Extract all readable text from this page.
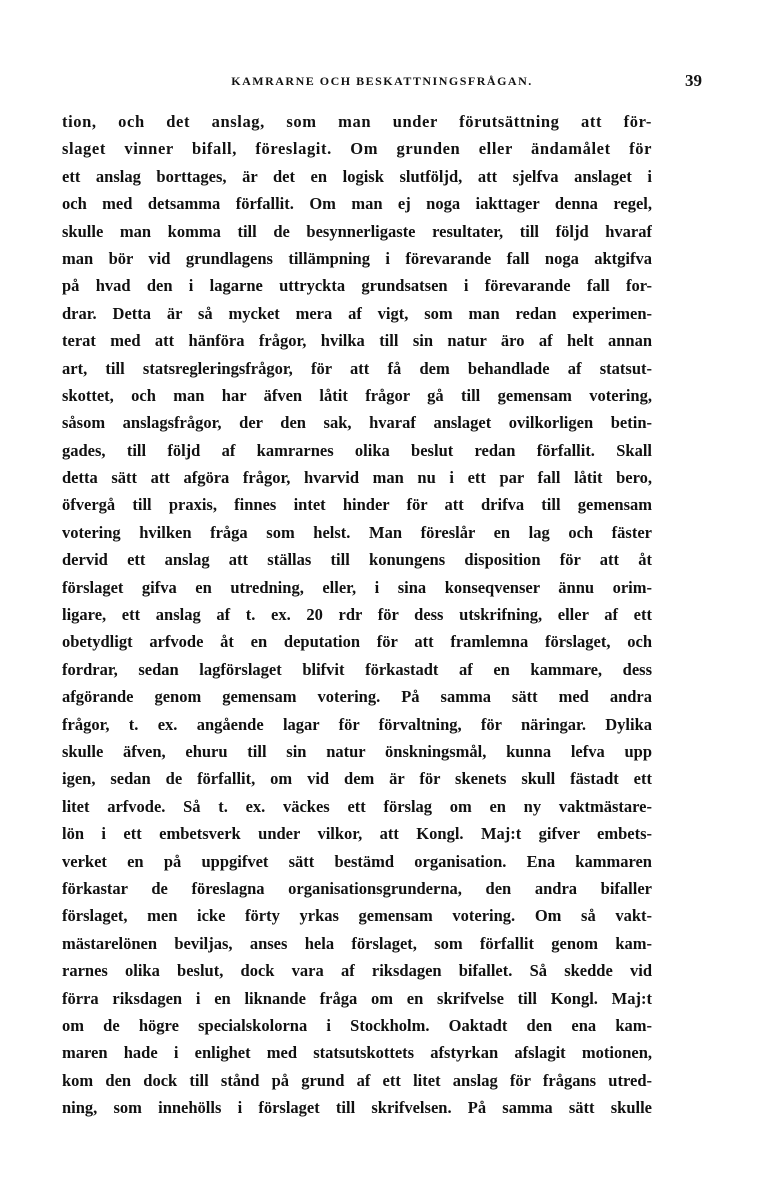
KAMRARNE OCH BESKATTNINGSFRÅGAN.	39
tion, och det anslag, som man under förutsättning att för-
slaget vinner bifall, föreslagit. Om grunden eller ändamålet för
ett anslag borttages, är det en logisk slutföljd, att sjelfva anslaget i
och med detsamma förfallit. Om man ej noga iakttager denna regel,
skulle man komma till de besynnerligaste resultater, till följd hvaraf
man bör vid grundlagens tillämpning i förevarande fall noga aktgifva
på hvad den i lagarne uttryckta grundsatsen i förevarande fall for-
drar. Detta är så mycket mera af vigt, som man redan experimen-
terat med att hänföra frågor, hvilka till sin natur äro af helt annan
art, till statsregleringsfrågor, för att få dem behandlade af statsut-
skottet, och man har äfven låtit frågor gå till gemensam votering,
såsom anslagsfrågor, der den sak, hvaraf anslaget ovilkorligen betin-
gades, till följd af kamrarnes olika beslut redan förfallit. Skall
detta sätt att afgöra frågor, hvarvid man nu i ett par fall låtit bero,
öfvergå till praxis, finnes intet hinder för att drifva till gemensam
votering hvilken fråga som helst. Man föreslår en lag och fäster
dervid ett anslag att ställas till konungens disposition för att åt
förslaget gifva en utredning, eller, i sina konseqvenser ännu orim-
ligare, ett anslag af t. ex. 20 rdr för dess utskrifning, eller af ett
obetydligt arfvode åt en deputation för att framlemna förslaget, och
fordrar, sedan lagförslaget blifvit förkastadt af en kammare, dess
afgörande genom gemensam votering. På samma sätt med andra
frågor, t. ex. angående lagar för förvaltning, för näringar. Dylika
skulle äfven, ehuru till sin natur önskningsmål, kunna lefva upp
igen, sedan de förfallit, om vid dem är för skenets skull fästadt ett
litet arfvode. Så t. ex. väckes ett förslag om en ny vaktmästare-
lön i ett embetsverk under vilkor, att Kongl. Maj:t gifver embets-
verket en på uppgifvet sätt bestämd organisation. Ena kammaren
förkastar de föreslagna organisationsgrunderna, den andra bifaller
förslaget, men icke förty yrkas gemensam votering. Om så vakt-
mästarelönen beviljas, anses hela förslaget, som förfallit genom kam-
rarnes olika beslut, dock vara af riksdagen bifallet. Så skedde vid
förra riksdagen i en liknande fråga om en skrifvelse till Kongl. Maj:t
om de högre specialskolorna i Stockholm. Oaktadt den ena kam-
maren hade i enlighet med statsutskottets afstyrkan afslagit motionen,
kom den dock till stånd på grund af ett litet anslag för frågans utred-
ning, som innehölls i förslaget till skrifvelsen. På samma sätt skulle
